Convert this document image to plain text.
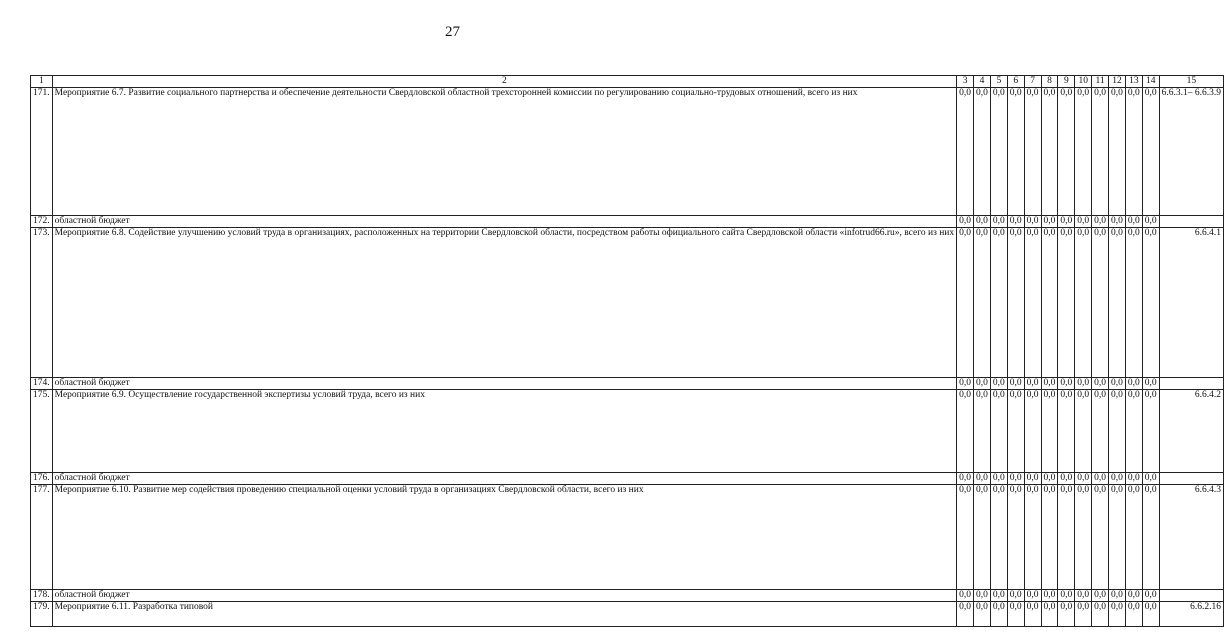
27
1	2	3	4	5	6	7	8	9	10	11	12	13	14	15
171.	Мероприятие 6.7. Развитие социального партнерства и обеспечение деятельности Свердловской областной трехсторонней комиссии по регулированию социально-трудовых отношений, всего из них	0,0	0,0	0,0	0,0	0,0	0,0	0,0	0,0	0,0	0,0	0,0	0,0	6.6.3.1– 6.6.3.9
172.	областной бюджет	0,0	0,0	0,0	0,0	0,0	0,0	0,0	0,0	0,0	0,0	0,0	0,0	
173.	Мероприятие 6.8. Содействие улучшению условий труда в организациях, расположенных на территории Свердловской области, посредством работы официального сайта Свердловской области «infotrud66.ru», всего из них	0,0	0,0	0,0	0,0	0,0	0,0	0,0	0,0	0,0	0,0	0,0	0,0	6.6.4.1
174.	областной бюджет	0,0	0,0	0,0	0,0	0,0	0,0	0,0	0,0	0,0	0,0	0,0	0,0	
175.	Мероприятие 6.9. Осуществление государственной экспертизы условий труда, всего из них	0,0	0,0	0,0	0,0	0,0	0,0	0,0	0,0	0,0	0,0	0,0	0,0	6.6.4.2
176.	областной бюджет	0,0	0,0	0,0	0,0	0,0	0,0	0,0	0,0	0,0	0,0	0,0	0,0	
177.	Мероприятие 6.10. Развитие мер содействия проведению специальной оценки условий труда в организациях Свердловской области, всего из них	0,0	0,0	0,0	0,0	0,0	0,0	0,0	0,0	0,0	0,0	0,0	0,0	6.6.4.3
178.	областной бюджет	0,0	0,0	0,0	0,0	0,0	0,0	0,0	0,0	0,0	0,0	0,0	0,0	
179.	Мероприятие 6.11. Разработка типовой	0,0	0,0	0,0	0,0	0,0	0,0	0,0	0,0	0,0	0,0	0,0	0,0	6.6.2.16
